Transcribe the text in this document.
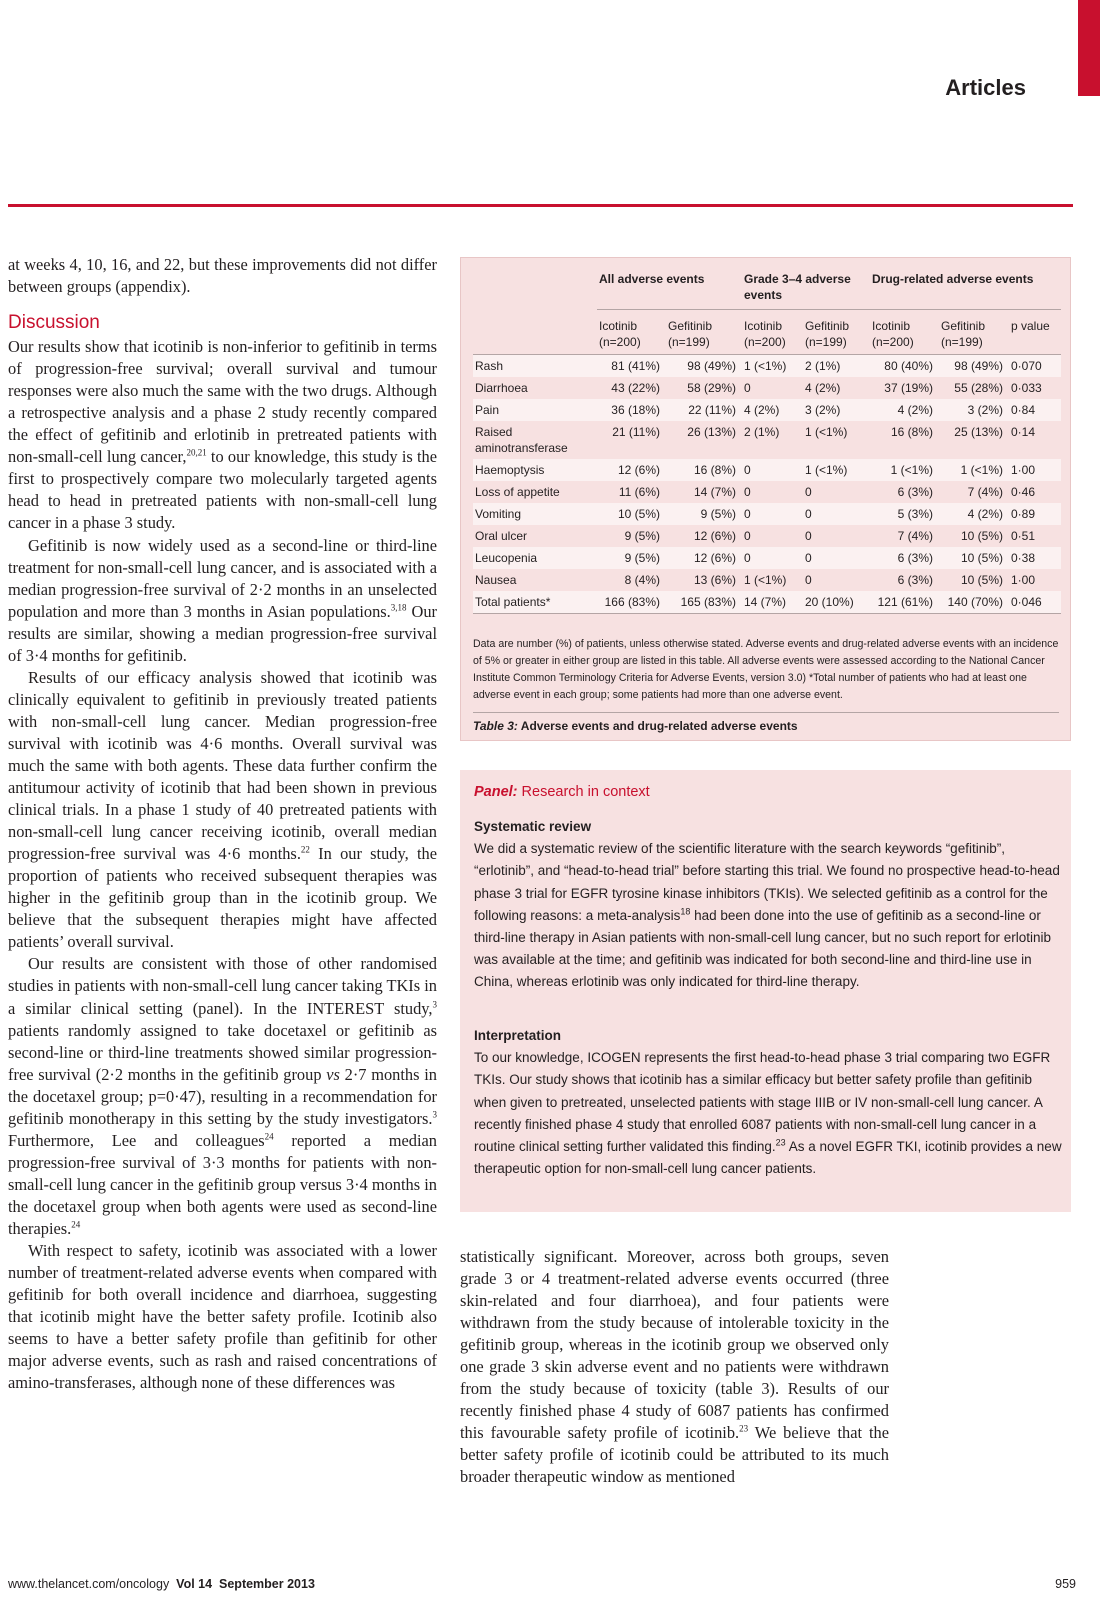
Articles

at weeks 4, 10, 16, and 22, but these improvements did not differ between groups (appendix).

Discussion

Our results show that icotinib is non-inferior to gefitinib in terms of progression-free survival; overall survival and tumour responses were also much the same with the two drugs. Although a retrospective analysis and a phase 2 study recently compared the effect of gefitinib and erlotinib in pretreated patients with non-small-cell lung cancer,$^{20,21}$ to our knowledge, this study is the first to prospectively compare two molecularly targeted agents head to head in pretreated patients with non-small-cell lung cancer in a phase 3 study.

Gefitinib is now widely used as a second-line or third-line treatment for non-small-cell lung cancer, and is associated with a median progression-free survival of 2·2 months in an unselected population and more than 3 months in Asian populations.$^{3,18}$ Our results are similar, showing a median progression-free survival of 3·4 months for gefitinib.

Results of our efficacy analysis showed that icotinib was clinically equivalent to gefitinib in previously treated patients with non-small-cell lung cancer. Median progression-free survival with icotinib was 4·6 months. Overall survival was much the same with both agents. These data further confirm the antitumour activity of icotinib that had been shown in previous clinical trials. In a phase 1 study of 40 pretreated patients with non-small-cell lung cancer receiving icotinib, overall median progression-free survival was 4·6 months.$^{22}$ In our study, the proportion of patients who received subsequent therapies was higher in the gefitinib group than in the icotinib group. We believe that the subsequent therapies might have affected patients’ overall survival.

Our results are consistent with those of other randomised studies in patients with non-small-cell lung cancer taking TKIs in a similar clinical setting (panel). In the INTEREST study,$^3$ patients randomly assigned to take docetaxel or gefitinib as second-line or third-line treatments showed similar progression-free survival (2·2 months in the gefitinib group vs 2·7 months in the docetaxel group; p=0·47), resulting in a recommendation for gefitinib monotherapy in this setting by the study investigators.$^3$ Furthermore, Lee and colleagues$^{24}$ reported a median progression-free survival of 3·3 months for patients with non-small-cell lung cancer in the gefitinib group versus 3·4 months in the docetaxel group when both agents were used as second-line therapies.$^{24}$

With respect to safety, icotinib was associated with a lower number of treatment-related adverse events when compared with gefitinib for both overall incidence and diarrhoea, suggesting that icotinib might have the better safety profile. Icotinib also seems to have a better safety profile than gefitinib for other major adverse events, such as rash and raised concentrations of amino-transferases, although none of these differences was

	All adverse events		Grade 3–4 adverse events		Drug-related adverse events		
	Icotinib (n=200)	Gefitinib (n=199)	Icotinib (n=200)	Gefitinib (n=199)	Icotinib (n=200)	Gefitinib (n=199)	p value
Rash	81 (41%)	98 (49%)	1 (<1%)	2 (1%)	80 (40%)	98 (49%)	0·070
Diarrhoea	43 (22%)	58 (29%)	0	4 (2%)	37 (19%)	55 (28%)	0·033
Pain	36 (18%)	22 (11%)	4 (2%)	3 (2%)	4 (2%)	3 (2%)	0·84
Raised aminotransferase	21 (11%)	26 (13%)	2 (1%)	1 (<1%)	16 (8%)	25 (13%)	0·14
Haemoptysis	12 (6%)	16 (8%)	0	1 (<1%)	1 (<1%)	1 (<1%)	1·00
Loss of appetite	11 (6%)	14 (7%)	0	0	6 (3%)	7 (4%)	0·46
Vomiting	10 (5%)	9 (5%)	0	0	5 (3%)	4 (2%)	0·89
Oral ulcer	9 (5%)	12 (6%)	0	0	7 (4%)	10 (5%)	0·51
Leucopenia	9 (5%)	12 (6%)	0	0	6 (3%)	10 (5%)	0·38
Nausea	8 (4%)	13 (6%)	1 (<1%)	0	6 (3%)	10 (5%)	1·00
Total patients*	166 (83%)	165 (83%)	14 (7%)	20 (10%)	121 (61%)	140 (70%)	0·046
Data are number (%) of patients, unless otherwise stated. Adverse events and drug-related adverse events with an incidence of 5% or greater in either group are listed in this table. All adverse events were assessed according to the National Cancer Institute Common Terminology Criteria for Adverse Events, version 3.0) *Total number of patients who had at least one adverse event in each group; some patients had more than one adverse event.
Table 3: Adverse events and drug-related adverse events
Panel: Research in context
Systematic review
We did a systematic review of the scientific literature with the search keywords “gefitinib”, “erlotinib”, and “head-to-head trial” before starting this trial. We found no prospective head-to-head phase 3 trial for EGFR tyrosine kinase inhibitors (TKIs). We selected gefitinib as a control for the following reasons: a meta-analysis$^{18}$ had been done into the use of gefitinib as a second-line or third-line therapy in Asian patients with non-small-cell lung cancer, but no such report for erlotinib was available at the time; and gefitinib was indicated for both second-line and third-line use in China, whereas erlotinib was only indicated for third-line therapy.
Interpretation
To our knowledge, ICOGEN represents the first head-to-head phase 3 trial comparing two EGFR TKIs. Our study shows that icotinib has a similar efficacy but better safety profile than gefitinib when given to pretreated, unselected patients with stage IIIB or IV non-small-cell lung cancer. A recently finished phase 4 study that enrolled 6087 patients with non-small-cell lung cancer in a routine clinical setting further validated this finding.$^{23}$ As a novel EGFR TKI, icotinib provides a new therapeutic option for non-small-cell lung cancer patients.

statistically significant. Moreover, across both groups, seven grade 3 or 4 treatment-related adverse events occurred (three skin-related and four diarrhoea), and four patients were withdrawn from the study because of intolerable toxicity in the gefitinib group, whereas in the icotinib group we observed only one grade 3 skin adverse event and no patients were withdrawn from the study because of toxicity (table 3). Results of our recently finished phase 4 study of 6087 patients has confirmed this favourable safety profile of icotinib.$^{23}$ We believe that the better safety profile of icotinib could be attributed to its much broader therapeutic window as mentioned

www.thelancet.com/oncology Vol 14 September 2013	959
